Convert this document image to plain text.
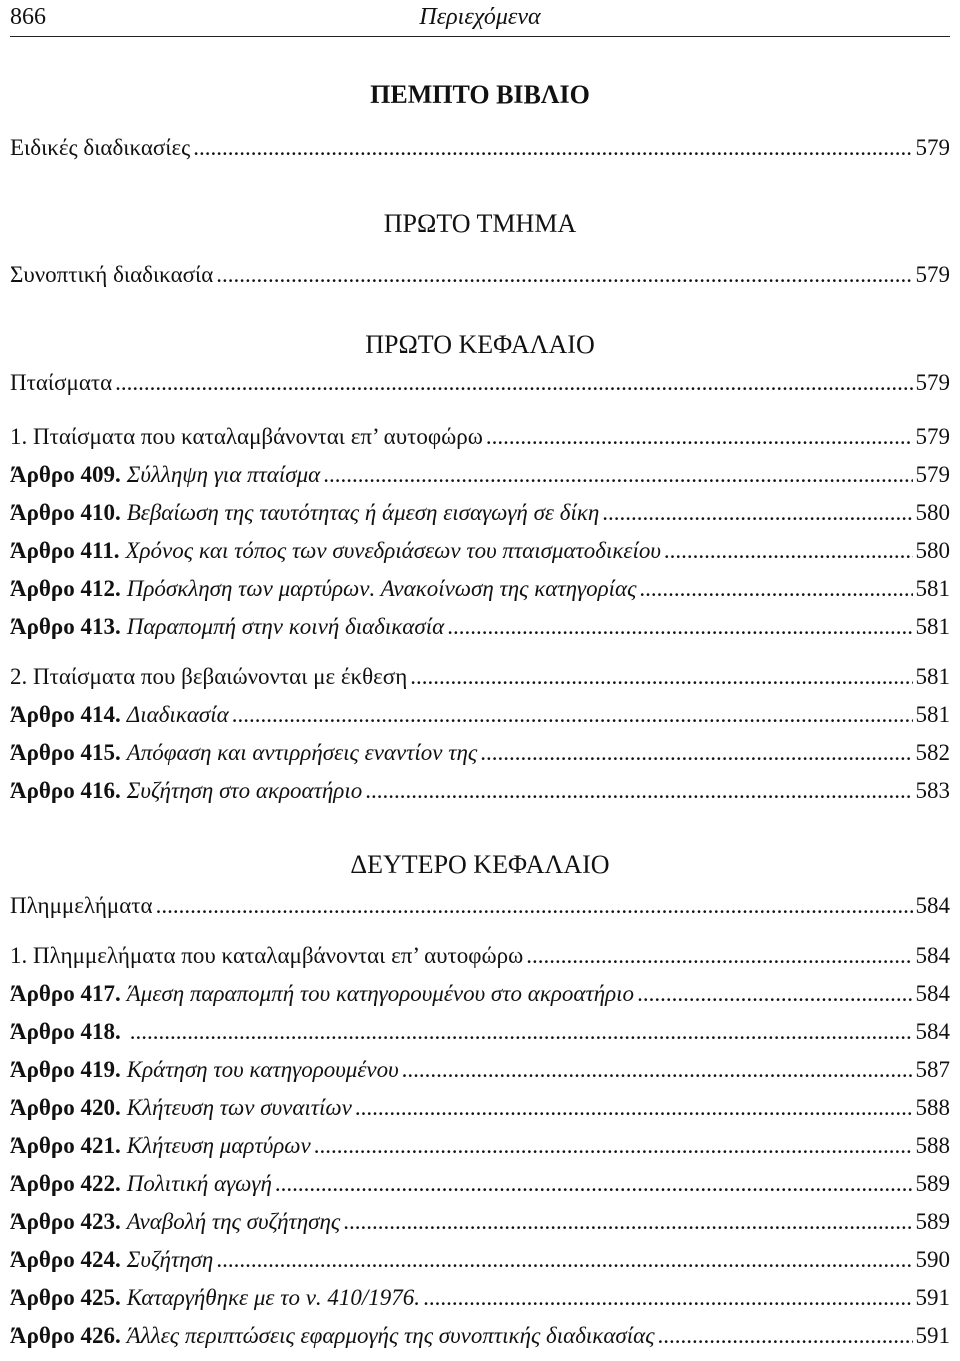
866	Περιεχόμενα
ΠΕΜΠΤΟ ΒΙΒΛΙΟ
ΠΡΩΤΟ ΤΜΗΜΑ
ΠΡΩΤΟ ΚΕΦΑΛΑΙΟ
ΔΕΥΤΕΡΟ ΚΕΦΑΛΑΙΟ
Ειδικές διαδικασίες .....	579
Συνοπτική διαδικασία .....	579
Πταίσματα .....	579
1. Πταίσματα που καταλαμβάνονται επ’ αυτοφώρω .....	579
Άρθρο 409. Σύλληψη για πταίσμα .....	579
Άρθρο 410. Βεβαίωση της ταυτότητας ή άμεση εισαγωγή σε δίκη .....	580
Άρθρο 411. Χρόνος και τόπος των συνεδριάσεων του πταισματοδικείου .....	580
Άρθρο 412. Πρόσκληση των μαρτύρων. Ανακοίνωση της κατηγορίας .....	581
Άρθρο 413. Παραπομπή στην κοινή διαδικασία .....	581
2. Πταίσματα που βεβαιώνονται με έκθεση .....	581
Άρθρο 414. Διαδικασία .....	581
Άρθρο 415. Απόφαση και αντιρρήσεις εναντίον της .....	582
Άρθρο 416. Συζήτηση στο ακροατήριο .....	583
Πλημμελήματα .....	584
1. Πλημμελήματα που καταλαμβάνονται επ’ αυτοφώρω .....	584
Άρθρο 417. Άμεση παραπομπή του κατηγορουμένου στο ακροατήριο .....	584
Άρθρο 418. .....	584
Άρθρο 419. Κράτηση του κατηγορουμένου .....	587
Άρθρο 420. Κλήτευση των συναιτίων .....	588
Άρθρο 421. Κλήτευση μαρτύρων .....	588
Άρθρο 422. Πολιτική αγωγή .....	589
Άρθρο 423. Αναβολή της συζήτησης .....	589
Άρθρο 424. Συζήτηση .....	590
Άρθρο 425. Καταργήθηκε με το ν. 410/1976. .....	591
Άρθρο 426. Άλλες περιπτώσεις εφαρμογής της συνοπτικής διαδικασίας .....	591
